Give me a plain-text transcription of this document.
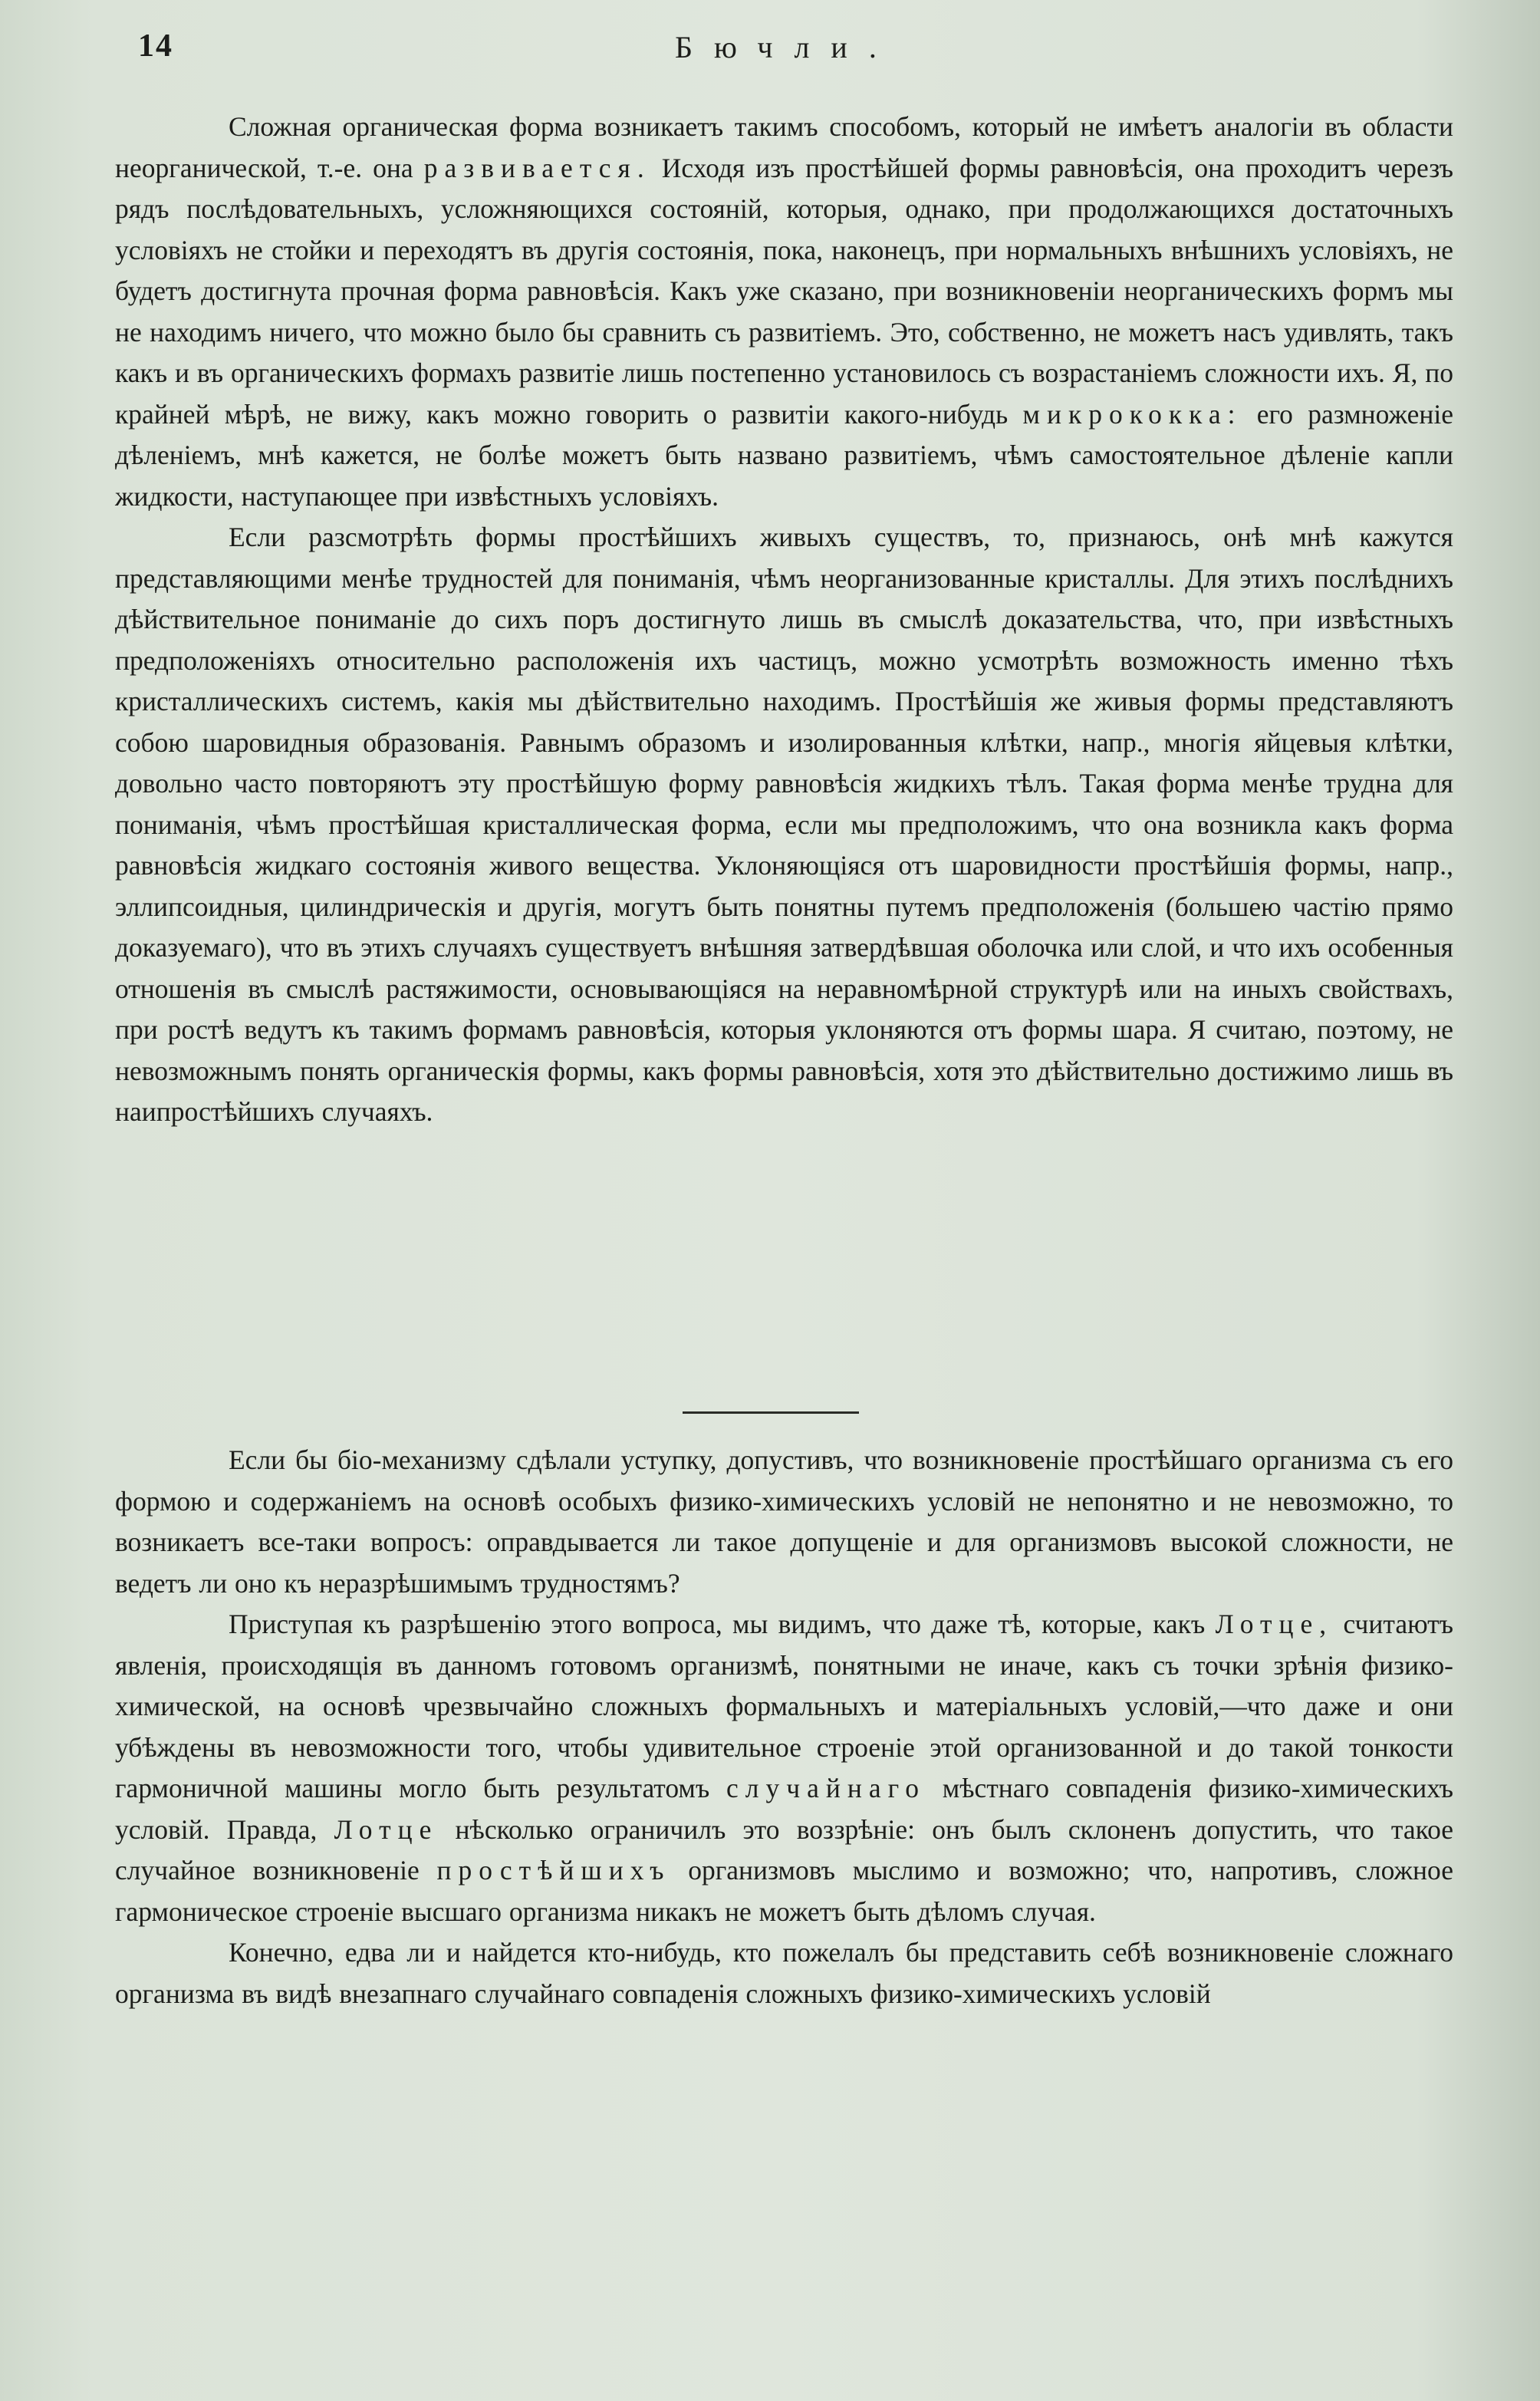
14	Бючли.

Сложная органическая форма возникаетъ такимъ способомъ, который не имѣетъ аналогіи въ области неорганической, т.-е. она развивается. Исходя изъ простѣйшей формы равновѣсія, она проходитъ черезъ рядъ послѣдовательныхъ, усложняющихся состояній, которыя, однако, при продолжающихся достаточныхъ условіяхъ не стойки и переходятъ въ другія состоянія, пока, наконецъ, при нормальныхъ внѣшнихъ условіяхъ, не будетъ достигнута прочная форма равновѣсія. Какъ уже сказано, при возникновеніи неорганическихъ формъ мы не находимъ ничего, что можно было бы сравнить съ развитіемъ. Это, собственно, не можетъ насъ удивлять, такъ какъ и въ органическихъ формахъ развитіе лишь постепенно установилось съ возрастаніемъ сложности ихъ. Я, по крайней мѣрѣ, не вижу, какъ можно говорить о развитіи какого-нибудь микрококка: его размноженіе дѣленіемъ, мнѣ кажется, не болѣе можетъ быть названо развитіемъ, чѣмъ самостоятельное дѣленіе капли жидкости, наступающее при извѣстныхъ условіяхъ.

Если разсмотрѣть формы простѣйшихъ живыхъ существъ, то, признаюсь, онѣ мнѣ кажутся представляющими менѣе трудностей для пониманія, чѣмъ неорганизованные кристаллы. Для этихъ послѣднихъ дѣйствительное пониманіе до сихъ поръ достигнуто лишь въ смыслѣ доказательства, что, при извѣстныхъ предположеніяхъ относительно расположенія ихъ частицъ, можно усмотрѣть возможность именно тѣхъ кристаллическихъ системъ, какія мы дѣйствительно находимъ. Простѣйшія же живыя формы представляютъ собою шаровидныя образованія. Равнымъ образомъ и изолированныя клѣтки, напр., многія яйцевыя клѣтки, довольно часто повторяютъ эту простѣйшую форму равновѣсія жидкихъ тѣлъ. Такая форма менѣе трудна для пониманія, чѣмъ простѣйшая кристаллическая форма, если мы предположимъ, что она возникла какъ форма равновѣсія жидкаго состоянія живого вещества. Уклоняющіяся отъ шаровидности простѣйшія формы, напр., эллипсоидныя, цилиндрическія и другія, могутъ быть понятны путемъ предположенія (большею частію прямо доказуемаго), что въ этихъ случаяхъ существуетъ внѣшняя затвердѣвшая оболочка или слой, и что ихъ особенныя отношенія въ смыслѣ растяжимости, основывающіяся на неравномѣрной структурѣ или на иныхъ свойствахъ, при ростѣ ведутъ къ такимъ формамъ равновѣсія, которыя уклоняются отъ формы шара. Я считаю, поэтому, не невозможнымъ понять органическія формы, какъ формы равновѣсія, хотя это дѣйствительно достижимо лишь въ наипростѣйшихъ случаяхъ.

Если бы біо-механизму сдѣлали уступку, допустивъ, что возникновеніе простѣйшаго организма съ его формою и содержаніемъ на основѣ особыхъ физико-химическихъ условій не непонятно и не невозможно, то возникаетъ все-таки вопросъ: оправдывается ли такое допущеніе и для организмовъ высокой сложности, не ведетъ ли оно къ неразрѣшимымъ трудностямъ?

Приступая къ разрѣшенію этого вопроса, мы видимъ, что даже тѣ, которые, какъ Лотце, считаютъ явленія, происходящія въ данномъ готовомъ организмѣ, понятными не иначе, какъ съ точки зрѣнія физико-химической, на основѣ чрезвычайно сложныхъ формальныхъ и матеріальныхъ условій,—что даже и они убѣждены въ невозможности того, чтобы удивительное строеніе этой организованной и до такой тонкости гармоничной машины могло быть результатомъ случайнаго мѣстнаго совпаденія физико-химическихъ условій. Правда, Лотце нѣсколько ограничилъ это воззрѣніе: онъ былъ склоненъ допустить, что такое случайное возникновеніе простѣйшихъ организмовъ мыслимо и возможно; что, напротивъ, сложное гармоническое строеніе высшаго организма никакъ не можетъ быть дѣломъ случая.

Конечно, едва ли и найдется кто-нибудь, кто пожелалъ бы представить себѣ возникновеніе сложнаго организма въ видѣ внезапнаго случайнаго совпаденія сложныхъ физико-химическихъ условій
